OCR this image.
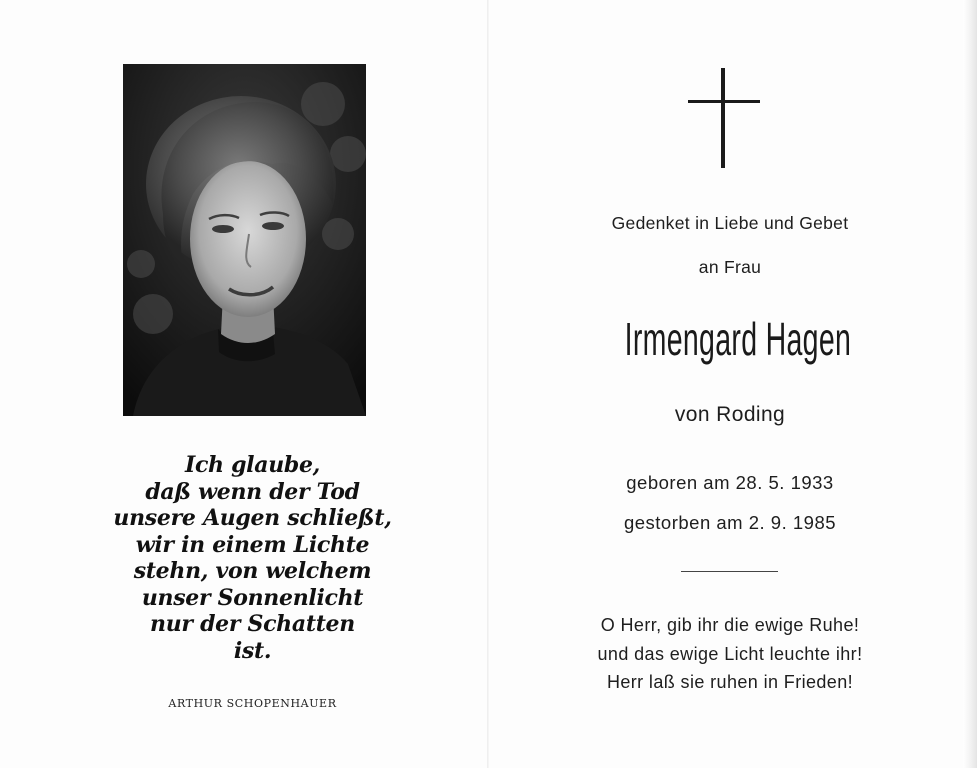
Ich glaube,
daß wenn der Tod
unsere Augen schließt,
wir in einem Lichte
stehn, von welchem
unser Sonnenlicht
nur der Schatten
ist.
ARTHUR SCHOPENHAUER
Gedenket in Liebe und Gebet
an Frau
Irmengard Hagen
von Roding
geboren am 28. 5. 1933
gestorben am 2. 9. 1985
O Herr, gib ihr die ewige Ruhe!
und das ewige Licht leuchte ihr!
Herr laß sie ruhen in Frieden!
